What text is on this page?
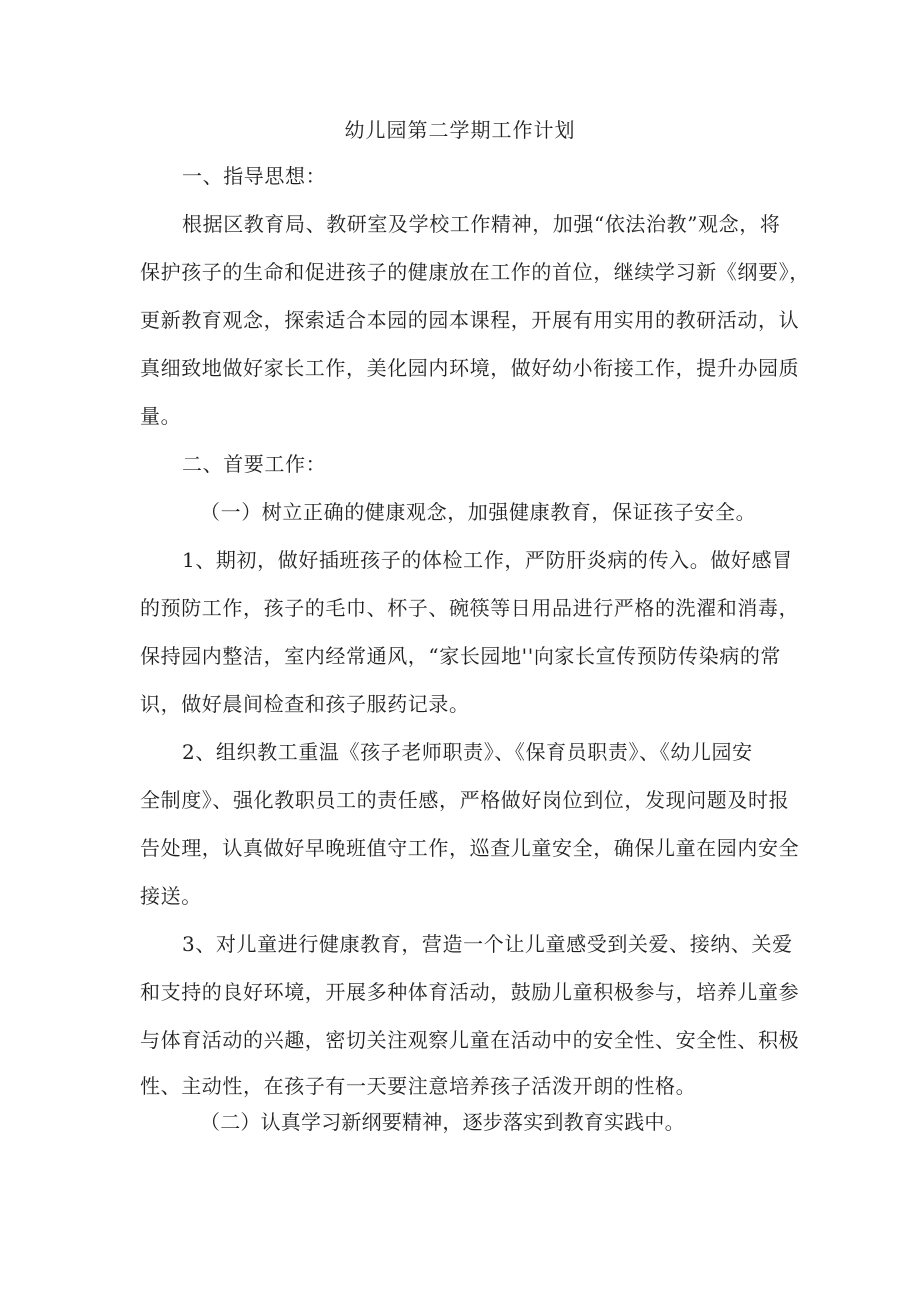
幼儿园第二学期工作计划
一、指导思想：
根据区教育局、教研室及学校工作精神，加强“依法治教”观念，将
保护孩子的生命和促进孩子的健康放在工作的首位，继续学习新《纲要》，
更新教育观念，探索适合本园的园本课程，开展有用实用的教研活动，认
真细致地做好家长工作，美化园内环境，做好幼小衔接工作，提升办园质
量。
二、首要工作：
（一）树立正确的健康观念，加强健康教育，保证孩子安全。
1、期初，做好插班孩子的体检工作，严防肝炎病的传入。做好感冒
的预防工作，孩子的毛巾、杯子、碗筷等日用品进行严格的洗濯和消毒，
保持园内整洁，室内经常通风，“家长园地''向家长宣传预防传染病的常
识，做好晨间检查和孩子服药记录。
2、组织教工重温《孩子老师职责》、《保育员职责》、《幼儿园安
全制度》、强化教职员工的责任感，严格做好岗位到位，发现问题及时报
告处理，认真做好早晚班值守工作，巡查儿童安全，确保儿童在园内安全
接送。
3、对儿童进行健康教育，营造一个让儿童感受到关爱、接纳、关爱
和支持的良好环境，开展多种体育活动，鼓励儿童积极参与，培养儿童参
与体育活动的兴趣，密切关注观察儿童在活动中的安全性、安全性、积极
性、主动性，在孩子有一天要注意培养孩子活泼开朗的性格。
（二）认真学习新纲要精神，逐步落实到教育实践中。
